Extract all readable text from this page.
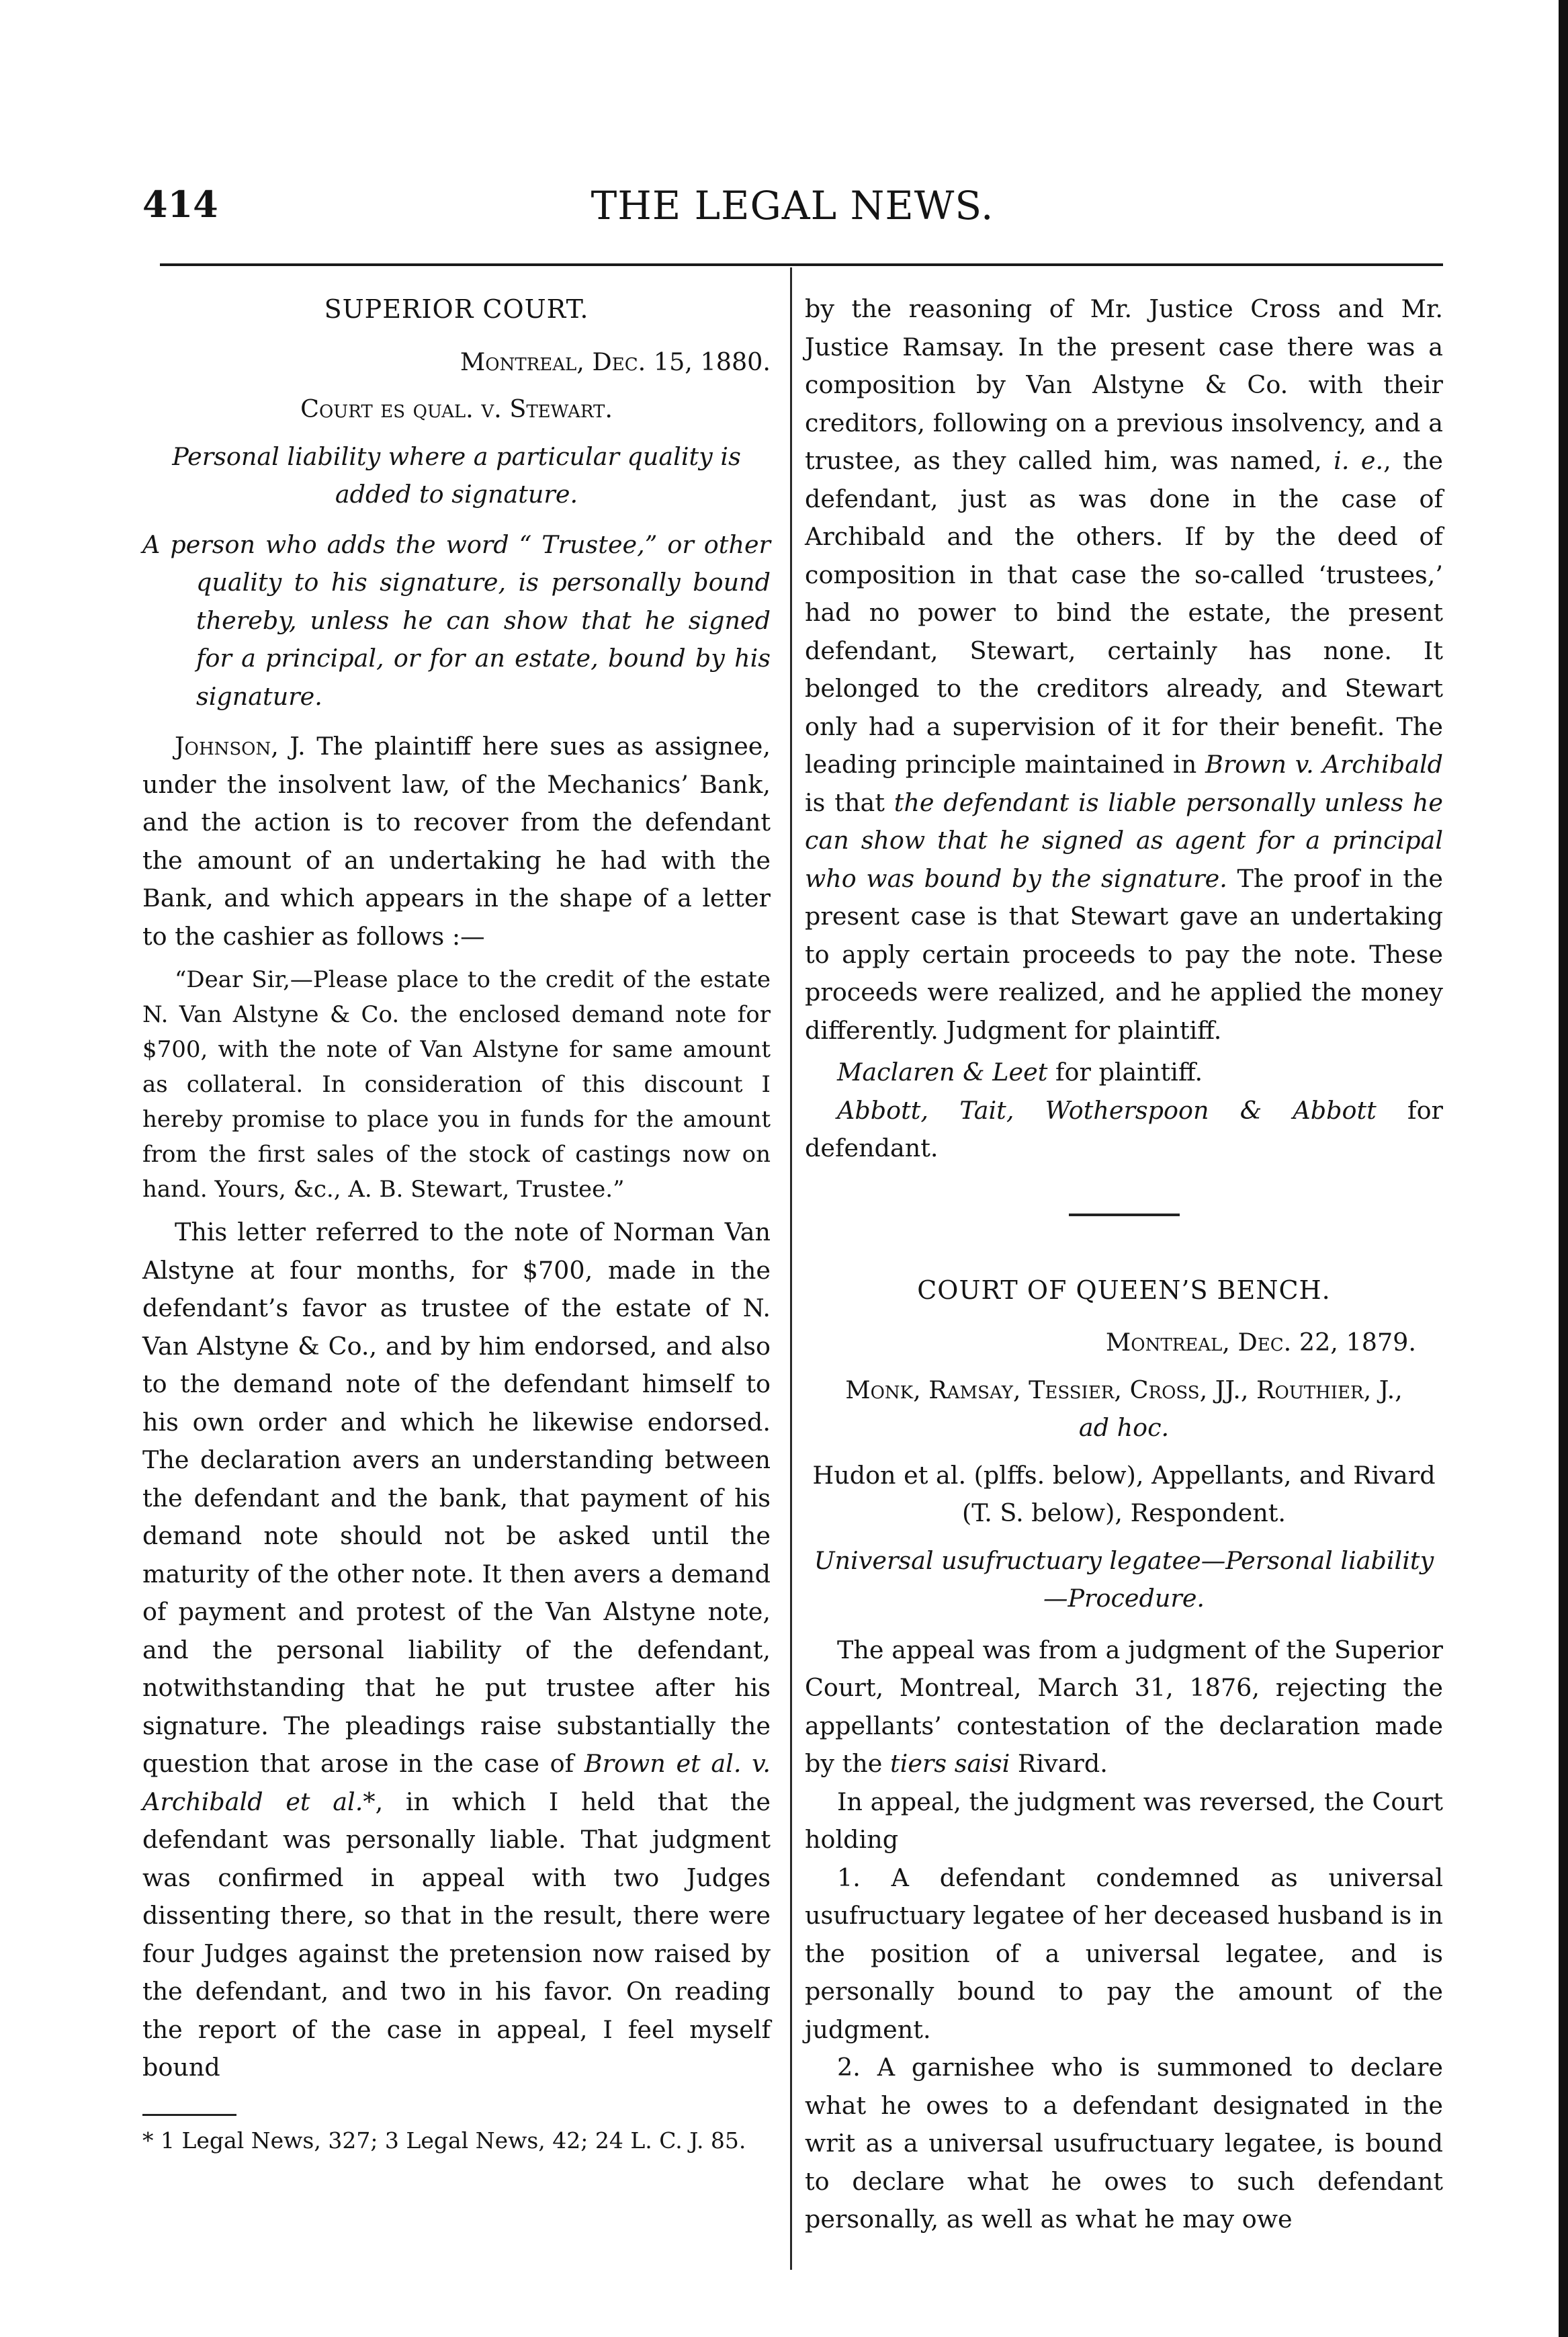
414	THE LEGAL NEWS.

SUPERIOR COURT.

Montreal, Dec. 15, 1880.

Court es qual. v. Stewart.

Personal liability where a particular quality is added to signature.

A person who adds the word “ Trustee,” or other quality to his signature, is personally bound thereby, unless he can show that he signed for a principal, or for an estate, bound by his signature.

Johnson, J. The plaintiff here sues as assignee, under the insolvent law, of the Mechanics’ Bank, and the action is to recover from the defendant the amount of an undertaking he had with the Bank, and which appears in the shape of a letter to the cashier as follows :—

“Dear Sir,—Please place to the credit of the estate N. Van Alstyne & Co. the enclosed demand note for $700, with the note of Van Alstyne for same amount as collateral. In consideration of this discount I hereby promise to place you in funds for the amount from the first sales of the stock of castings now on hand. Yours, &c., A. B. Stewart, Trustee.”

This letter referred to the note of Norman Van Alstyne at four months, for $700, made in the defendant’s favor as trustee of the estate of N. Van Alstyne & Co., and by him endorsed, and also to the demand note of the defendant himself to his own order and which he likewise endorsed. The declaration avers an understanding between the defendant and the bank, that payment of his demand note should not be asked until the maturity of the other note. It then avers a demand of payment and protest of the Van Alstyne note, and the personal liability of the defendant, notwithstanding that he put trustee after his signature. The pleadings raise substantially the question that arose in the case of Brown et al. v. Archibald et al.*, in which I held that the defendant was personally liable. That judgment was confirmed in appeal with two Judges dissenting there, so that in the result, there were four Judges against the pretension now raised by the defendant, and two in his favor. On reading the report of the case in appeal, I feel myself bound

* 1 Legal News, 327; 3 Legal News, 42; 24 L. C. J. 85.

by the reasoning of Mr. Justice Cross and Mr. Justice Ramsay. In the present case there was a composition by Van Alstyne & Co. with their creditors, following on a previous insolvency, and a trustee, as they called him, was named, i. e., the defendant, just as was done in the case of Archibald and the others. If by the deed of composition in that case the so-called ‘trustees,’ had no power to bind the estate, the present defendant, Stewart, certainly has none. It belonged to the creditors already, and Stewart only had a supervision of it for their benefit. The leading principle maintained in Brown v. Archibald is that the defendant is liable personally unless he can show that he signed as agent for a principal who was bound by the signature. The proof in the present case is that Stewart gave an undertaking to apply certain proceeds to pay the note. These proceeds were realized, and he applied the money differently. Judgment for plaintiff.

Maclaren & Leet for plaintiff.

Abbott, Tait, Wotherspoon & Abbott for defendant.

COURT OF QUEEN’S BENCH.

Montreal, Dec. 22, 1879.

Monk, Ramsay, Tessier, Cross, JJ., Routhier, J., ad hoc.

Hudon et al. (plffs. below), Appellants, and Rivard (T. S. below), Respondent.

Universal usufructuary legatee—Personal liability—Procedure.

The appeal was from a judgment of the Superior Court, Montreal, March 31, 1876, rejecting the appellants’ contestation of the declaration made by the tiers saisi Rivard.

In appeal, the judgment was reversed, the Court holding

1. A defendant condemned as universal usufructuary legatee of her deceased husband is in the position of a universal legatee, and is personally bound to pay the amount of the judgment.

2. A garnishee who is summoned to declare what he owes to a defendant designated in the writ as a universal usufructuary legatee, is bound to declare what he owes to such defendant personally, as well as what he may owe
